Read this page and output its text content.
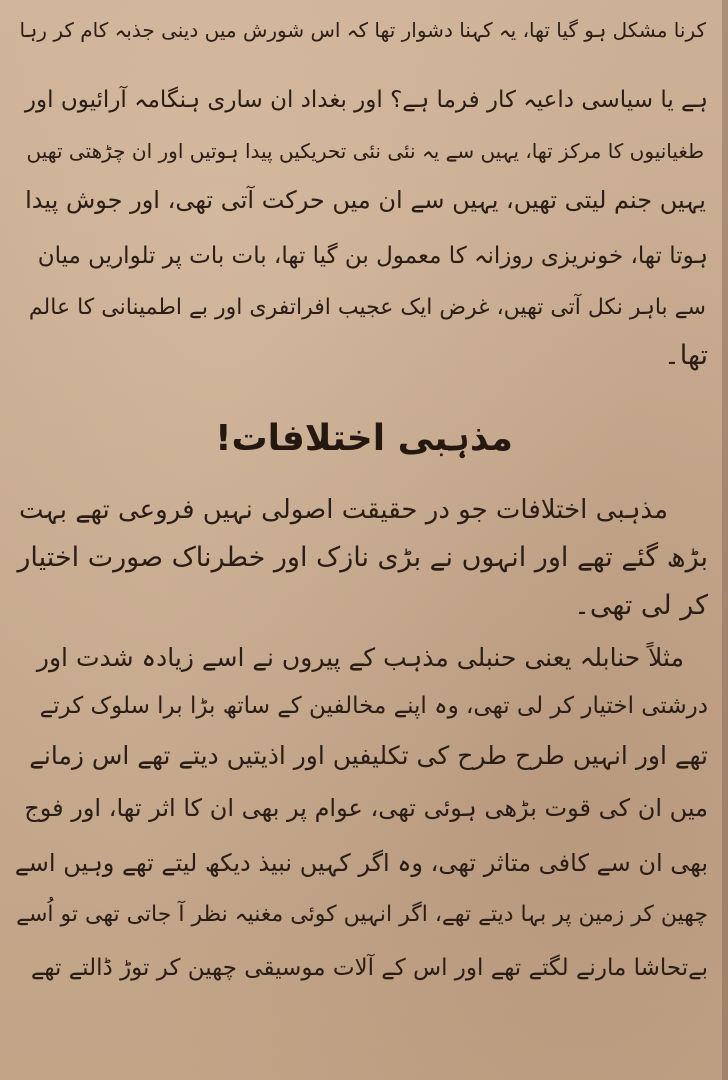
کرنا مشکل ہو گیا تھا، یہ کہنا دشوار تھا کہ اس شورش میں دینی جذبہ کام کر رہا
ہے یا سیاسی داعیہ کار فرما ہے؟ اور بغداد ان ساری ہنگامہ آرائیوں اور
طغیانیوں کا مرکز تھا، یہیں سے یہ نئی نئی تحریکیں پیدا ہوتیں اور ان چڑھتی تھیں
یہیں جنم لیتی تھیں، یہیں سے ان میں حرکت آتی تھی، اور جوش پیدا
ہوتا تھا، خونریزی روزانہ کا معمول بن گیا تھا، بات بات پر تلواریں میان
سے باہر نکل آتی تھیں، غرض ایک عجیب افراتفری اور بے اطمینانی کا عالم
تھا۔
مذہبی اختلافات!
مذہبی اختلافات جو در حقیقت اصولی نہیں فروعی تھے بہت
بڑھ گئے تھے اور انہوں نے بڑی نازک اور خطرناک صورت اختیار
کر لی تھی۔
مثلاً حنابلہ یعنی حنبلی مذہب کے پیروں نے اسے زیادہ شدت اور
درشتی اختیار کر لی تھی، وہ اپنے مخالفین کے ساتھ بڑا برا سلوک کرتے
تھے اور انہیں طرح طرح کی تکلیفیں اور اذیتیں دیتے تھے اس زمانے
میں ان کی قوت بڑھی ہوئی تھی، عوام پر بھی ان کا اثر تھا، اور فوج
بھی ان سے کافی متاثر تھی، وہ اگر کہیں نبیذ دیکھ لیتے تھے وہیں اسے
چھین کر زمین پر بہا دیتے تھے، اگر انہیں کوئی مغنیہ نظر آ جاتی تھی تو اُسے
بےتحاشا مارنے لگتے تھے اور اس کے آلات موسیقی چھین کر توڑ ڈالتے تھے
